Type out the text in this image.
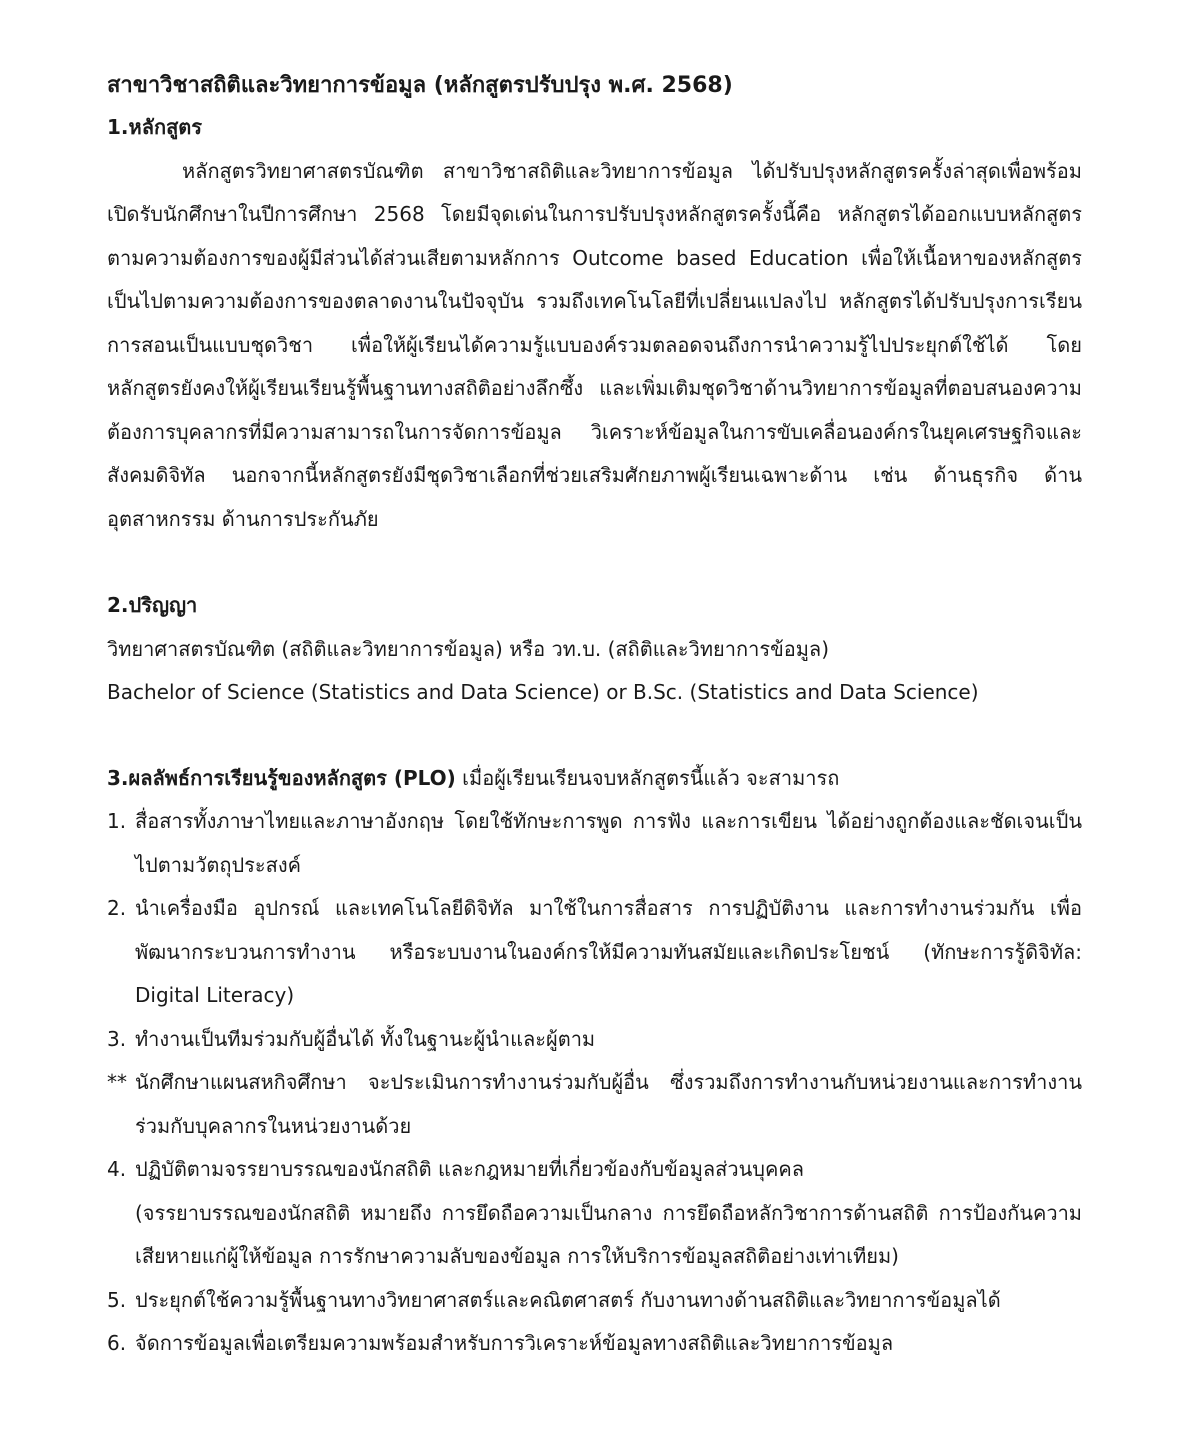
สาขาวิชาสถิติและวิทยาการข้อมูล (หลักสูตรปรับปรุง พ.ศ. 2568)

1.หลักสูตร

หลักสูตรวิทยาศาสตรบัณฑิต สาขาวิชาสถิติและวิทยาการข้อมูล ได้ปรับปรุงหลักสูตรครั้งล่าสุดเพื่อพร้อมเปิดรับนักศึกษาในปีการศึกษา 2568 โดยมีจุดเด่นในการปรับปรุงหลักสูตรครั้งนี้คือ หลักสูตรได้ออกแบบหลักสูตรตามความต้องการของผู้มีส่วนได้ส่วนเสียตามหลักการ Outcome based Education เพื่อให้เนื้อหาของหลักสูตรเป็นไปตามความต้องการของตลาดงานในปัจจุบัน รวมถึงเทคโนโลยีที่เปลี่ยนแปลงไป หลักสูตรได้ปรับปรุงการเรียนการสอนเป็นแบบชุดวิชา เพื่อให้ผู้เรียนได้ความรู้แบบองค์รวมตลอดจนถึงการนำความรู้ไปประยุกต์ใช้ได้ โดยหลักสูตรยังคงให้ผู้เรียนเรียนรู้พื้นฐานทางสถิติอย่างลึกซึ้ง และเพิ่มเติมชุดวิชาด้านวิทยาการข้อมูลที่ตอบสนองความต้องการบุคลากรที่มีความสามารถในการจัดการข้อมูล วิเคราะห์ข้อมูลในการขับเคลื่อนองค์กรในยุคเศรษฐกิจและสังคมดิจิทัล นอกจากนี้หลักสูตรยังมีชุดวิชาเลือกที่ช่วยเสริมศักยภาพผู้เรียนเฉพาะด้าน เช่น ด้านธุรกิจ ด้านอุตสาหกรรม ด้านการประกันภัย

2.ปริญญา

วิทยาศาสตรบัณฑิต (สถิติและวิทยาการข้อมูล) หรือ วท.บ. (สถิติและวิทยาการข้อมูล)

Bachelor of Science (Statistics and Data Science) or B.Sc. (Statistics and Data Science)

3.ผลลัพธ์การเรียนรู้ของหลักสูตร (PLO) เมื่อผู้เรียนเรียนจบหลักสูตรนี้แล้ว จะสามารถ

1. สื่อสารทั้งภาษาไทยและภาษาอังกฤษ โดยใช้ทักษะการพูด การฟัง และการเขียน ได้อย่างถูกต้องและชัดเจนเป็นไปตามวัตถุประสงค์
2. นำเครื่องมือ อุปกรณ์ และเทคโนโลยีดิจิทัล มาใช้ในการสื่อสาร การปฏิบัติงาน และการทำงานร่วมกัน เพื่อพัฒนากระบวนการทำงาน หรือระบบงานในองค์กรให้มีความทันสมัยและเกิดประโยชน์ (ทักษะการรู้ดิจิทัล: Digital Literacy)
3. ทำงานเป็นทีมร่วมกับผู้อื่นได้ ทั้งในฐานะผู้นำและผู้ตาม
** นักศึกษาแผนสหกิจศึกษา จะประเมินการทำงานร่วมกับผู้อื่น ซึ่งรวมถึงการทำงานกับหน่วยงานและการทำงานร่วมกับบุคลากรในหน่วยงานด้วย
4. ปฏิบัติตามจรรยาบรรณของนักสถิติ และกฎหมายที่เกี่ยวข้องกับข้อมูลส่วนบุคคล
(จรรยาบรรณของนักสถิติ หมายถึง การยึดถือความเป็นกลาง การยึดถือหลักวิชาการด้านสถิติ การป้องกันความเสียหายแก่ผู้ให้ข้อมูล การรักษาความลับของข้อมูล การให้บริการข้อมูลสถิติอย่างเท่าเทียม)
5. ประยุกต์ใช้ความรู้พื้นฐานทางวิทยาศาสตร์และคณิตศาสตร์ กับงานทางด้านสถิติและวิทยาการข้อมูลได้
6. จัดการข้อมูลเพื่อเตรียมความพร้อมสำหรับการวิเคราะห์ข้อมูลทางสถิติและวิทยาการข้อมูล
